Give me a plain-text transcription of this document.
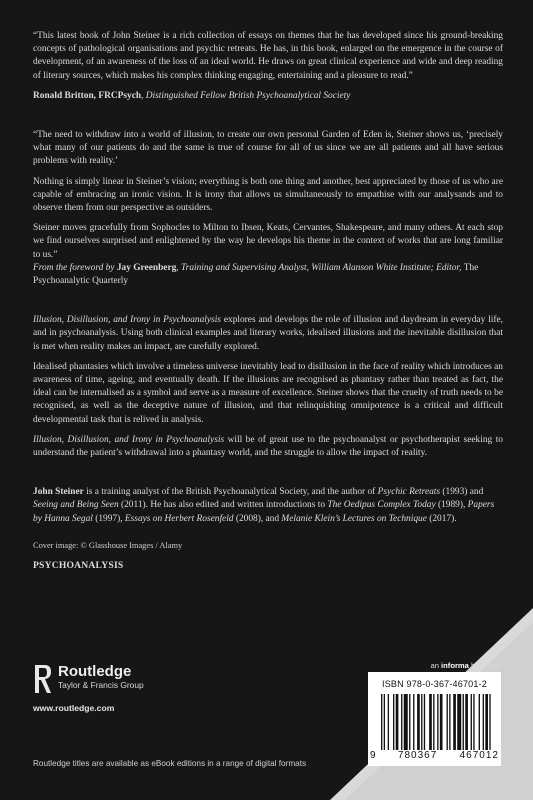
“This latest book of John Steiner is a rich collection of essays on themes that he has developed since his ground-breaking concepts of pathological organisations and psychic retreats. He has, in this book, enlarged on the emergence in the course of development, of an awareness of the loss of an ideal world. He draws on great clinical experience and wide and deep reading of literary sources, which makes his complex thinking engaging, entertaining and a pleasure to read.”

Ronald Britton, FRCPsych, Distinguished Fellow British Psychoanalytical Society

“The need to withdraw into a world of illusion, to create our own personal Garden of Eden is, Steiner shows us, ‘precisely what many of our patients do and the same is true of course for all of us since we are all patients and all have serious problems with reality.’

Nothing is simply linear in Steiner’s vision; everything is both one thing and another, best appreciated by those of us who are capable of embracing an ironic vision. It is irony that allows us simultaneously to empathise with our analysands and to observe them from our perspective as outsiders.

Steiner moves gracefully from Sophocles to Milton to Ibsen, Keats, Cervantes, Shakespeare, and many others. At each stop we find ourselves surprised and enlightened by the way he develops his theme in the context of works that are long familiar to us.”

From the foreword by Jay Greenberg, Training and Supervising Analyst, William Alanson White Institute; Editor, The Psychoanalytic Quarterly

Illusion, Disillusion, and Irony in Psychoanalysis explores and develops the role of illusion and daydream in everyday life, and in psychoanalysis. Using both clinical examples and literary works, idealised illusions and the inevitable disillusion that is met when reality makes an impact, are carefully explored.

Idealised phantasies which involve a timeless universe inevitably lead to disillusion in the face of reality which introduces an awareness of time, ageing, and eventually death. If the illusions are recognised as phantasy rather than treated as fact, the ideal can be internalised as a symbol and serve as a measure of excellence. Steiner shows that the cruelty of truth needs to be recognised, as well as the deceptive nature of illusion, and that relinquishing omnipotence is a critical and difficult developmental task that is relived in analysis.

Illusion, Disillusion, and Irony in Psychoanalysis will be of great use to the psychoanalyst or psychotherapist seeking to understand the patient’s withdrawal into a phantasy world, and the struggle to allow the impact of reality.

John Steiner is a training analyst of the British Psychoanalytical Society, and the author of Psychic Retreats (1993) and Seeing and Being Seen (2011). He has also edited and written introductions to The Oedipus Complex Today (1989), Papers by Hanna Segal (1997), Essays on Herbert Rosenfeld (2008), and Melanie Klein’s Lectures on Technique (2017).

Cover image: © Glasshouse Images / Alamy

PSYCHOANALYSIS

Routledge
Taylor & Francis Group
www.routledge.com
Routledge titles are available as eBook editions in a range of digital formats
an informa business
ISBN 978-0-367-46701-2
9 780367 467012
